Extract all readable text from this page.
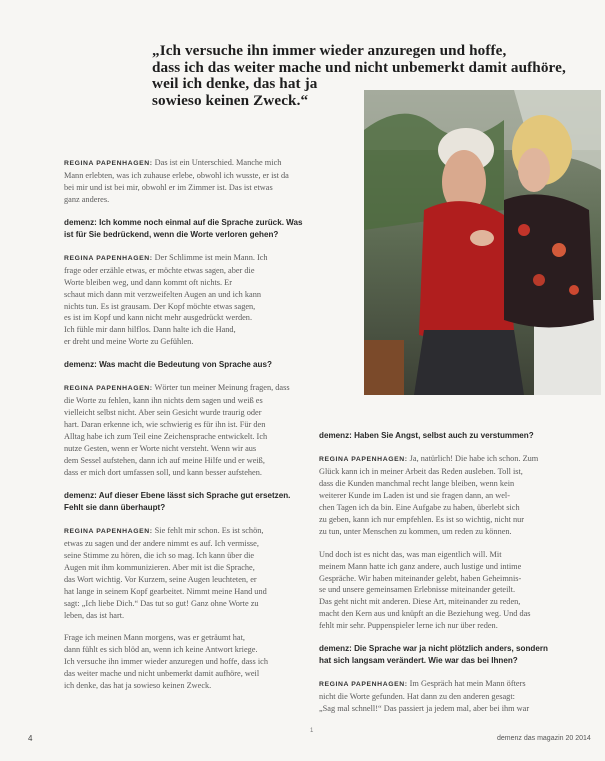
„Ich versuche ihn immer wieder anzuregen und hoffe,
dass ich das weiter mache und nicht unbemerkt damit aufhöre,
weil ich denke, das hat ja
sowieso keinen Zweck.“
REGINA PAPENHAGEN: Das ist ein Unterschied. Manche mich
Mann erlebten, was ich zuhause erlebe, obwohl ich wusste, er ist da
bei mir und ist bei mir, obwohl er im Zimmer ist. Das ist etwas
ganz anderes.
demenz: Ich komme noch einmal auf die Sprache zurück. Was
ist für Sie bedrückend, wenn die Worte verloren gehen?
REGINA PAPENHAGEN: Der Schlimme ist mein Mann. Ich
frage oder erzähle etwas, er möchte etwas sagen, aber die
Worte bleiben weg, und dann kommt oft nichts. Er
schaut mich dann mit verzweifelten Augen an und ich kann
nichts tun. Es ist grausam. Der Kopf möchte etwas sagen,
es ist im Kopf und kann nicht mehr ausgedrückt werden.
Ich fühle mir dann hilflos. Dann halte ich die Hand,
er dreht und meine Worte zu Gefühlen.
demenz: Was macht die Bedeutung von Sprache aus?
REGINA PAPENHAGEN: Wörter tun meiner Meinung fragen, dass
die Worte zu fehlen, kann ihn nichts dem sagen und weiß es
vielleicht selbst nicht. Aber sein Gesicht wurde traurig oder
hart. Daran erkenne ich, wie schwierig es für ihn ist. Für den
Alltag habe ich zum Teil eine Zeichensprache entwickelt. Ich
nutze Gesten, wenn er Worte nicht versteht. Wenn wir aus
dem Sessel aufstehen, dann ich auf meine Hilfe und er weiß,
dass er mich dort umfassen soll, und kann besser aufstehen.
demenz: Auf dieser Ebene lässt sich Sprache gut ersetzen.
Fehlt sie dann überhaupt?
REGINA PAPENHAGEN: Sie fehlt mir schon. Es ist schön,
etwas zu sagen und der andere nimmt es auf. Ich vermisse,
seine Stimme zu hören, die ich so mag. Ich kann über die
Augen mit ihm kommunizieren. Aber mit ist die Sprache,
das Wort wichtig. Vor Kurzem, seine Augen leuchteten, er
hat lange in seinem Kopf gearbeitet. Nimmt meine Hand und
sagt: „Ich liebe Dich.“ Das tut so gut! Ganz ohne Worte zu
leben, das ist hart.
Frage ich meinen Mann morgens, was er geträumt hat,
dann fühlt es sich blöd an, wenn ich keine Antwort kriege.
Ich versuche ihn immer wieder anzuregen und hoffe, dass ich
das weiter mache und nicht unbemerkt damit aufhöre, weil
ich denke, das hat ja sowieso keinen Zweck.
demenz: Haben Sie Angst, selbst auch zu verstummen?
REGINA PAPENHAGEN: Ja, natürlich! Die habe ich schon. Zum
Glück kann ich in meiner Arbeit das Reden ausleben. Toll ist,
dass die Kunden manchmal recht lange bleiben, wenn kein
weiterer Kunde im Laden ist und sie fragen dann, an wel-
chen Tagen ich da bin. Eine Aufgabe zu haben, überlebt sich
zu geben, kann ich nur empfehlen. Es ist so wichtig, nicht nur
zu tun, unter Menschen zu kommen, um reden zu können.
Und doch ist es nicht das, was man eigentlich will. Mit
meinem Mann hatte ich ganz andere, auch lustige und intime
Gespräche. Wir haben miteinander gelebt, haben Geheimnis-
se und unsere gemeinsamen Erlebnisse miteinander geteilt.
Das geht nicht mit anderen. Diese Art, miteinander zu reden,
macht den Kern aus und knüpft an die Beziehung weg. Und das
fehlt mir sehr. Puppenspieler lerne ich nur über reden.
demenz: Die Sprache war ja nicht plötzlich anders, sondern
hat sich langsam verändert. Wie war das bei Ihnen?
REGINA PAPENHAGEN: Im Gespräch hat mein Mann öfters
nicht die Worte gefunden. Hat dann zu den anderen gesagt:
„Sag mal schnell!“ Das passiert ja jedem mal, aber bei ihm war
4
1
demenz das magazin 20 2014
